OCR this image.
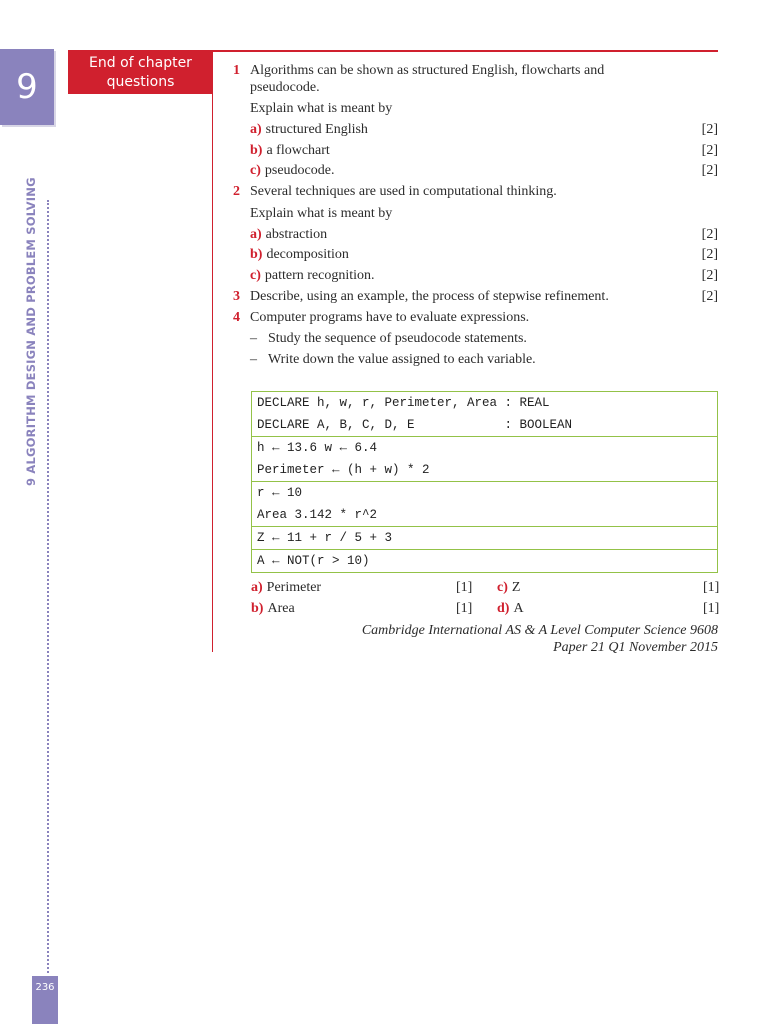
9
9 ALGORITHM DESIGN AND PROBLEM SOLVING
236
End of chapter
questions
1 Algorithms can be shown as structured English, flowcharts and
pseudocode.
Explain what is meant by
a) structured English	[2]
b) a flowchart	[2]
c) pseudocode.	[2]
2 Several techniques are used in computational thinking.
Explain what is meant by
a) abstraction	[2]
b) decomposition	[2]
c) pattern recognition.	[2]
3 Describe, using an example, the process of stepwise refinement.	[2]
4 Computer programs have to evaluate expressions.
– Study the sequence of pseudocode statements.
– Write down the value assigned to each variable.
DECLARE h, w, r, Perimeter, Area : REAL
DECLARE A, B, C, D, E            : BOOLEAN
h ← 13.6 w ← 6.4
Perimeter ← (h + w) * 2
r ← 10
Area 3.142 * r^2
Z ← 11 + r / 5 + 3
A ← NOT(r > 10)
a) Perimeter	[1] c) Z	[1]
b) Area	[1] d) A	[1]
Cambridge International AS & A Level Computer Science 9608
Paper 21 Q1 November 2015
